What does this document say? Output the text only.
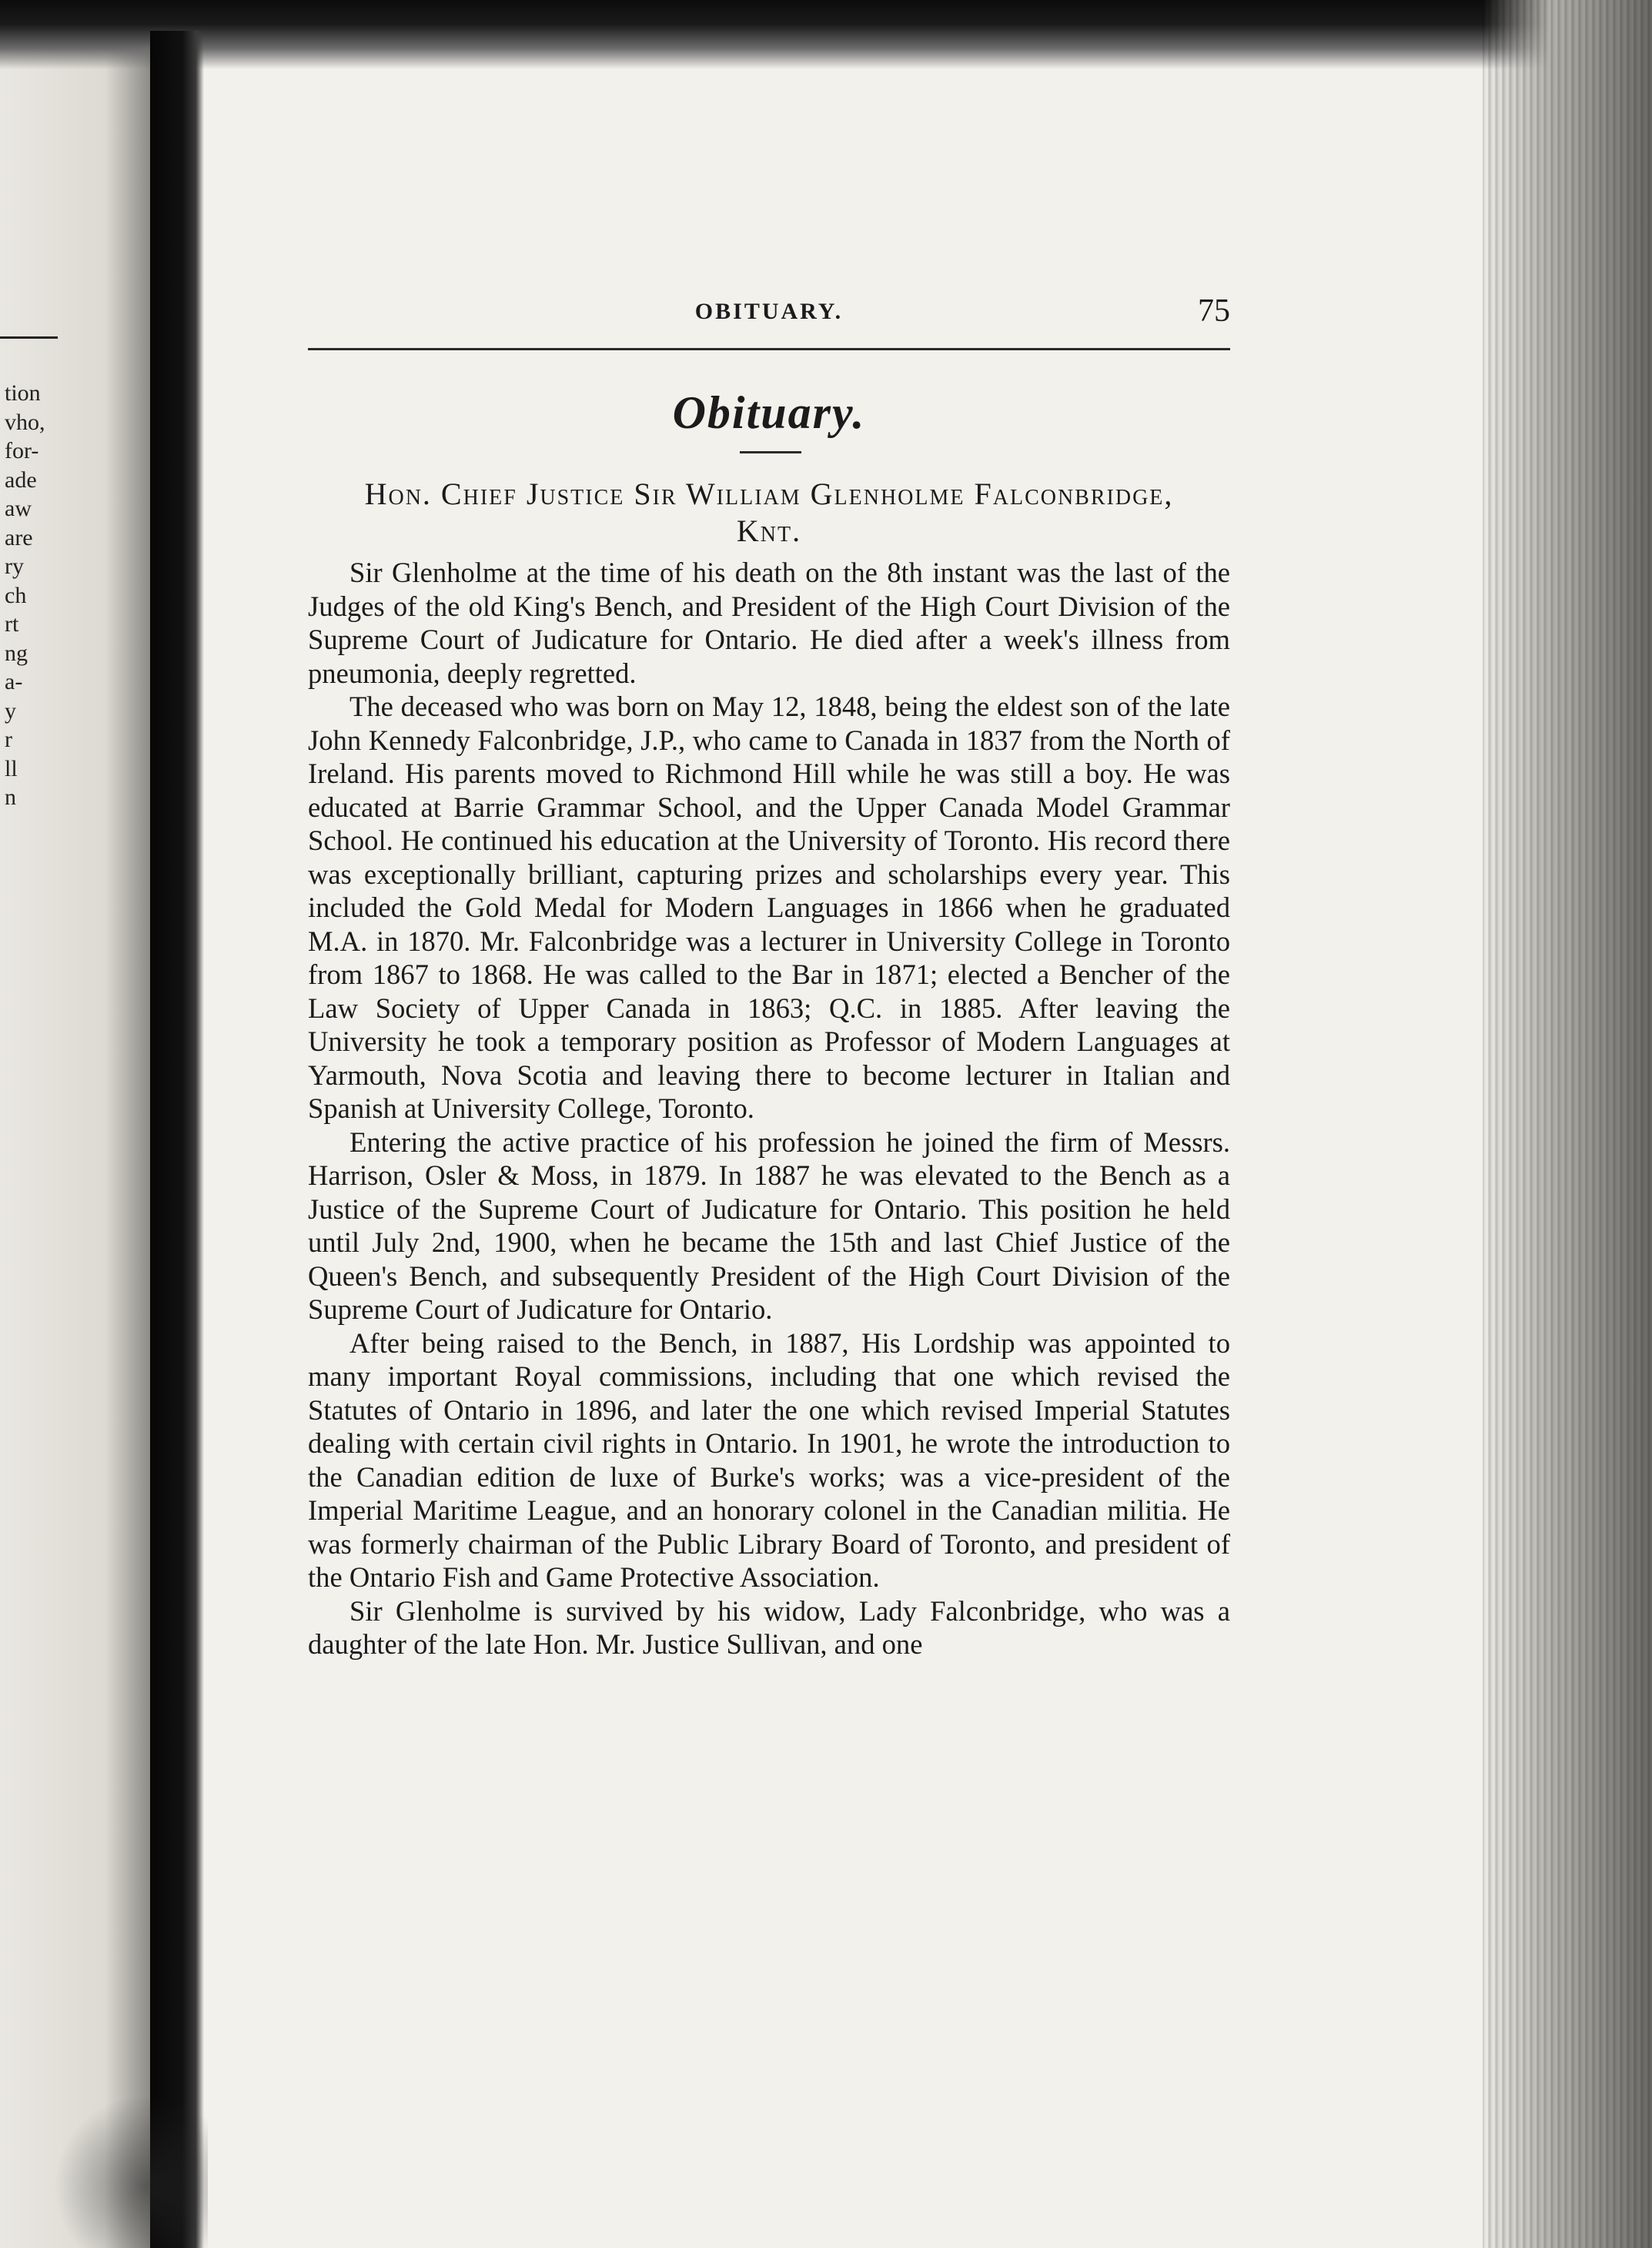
tion
vho,
for-
ade
aw
are
ry
ch
rt
ng
a-
y
r
ll
n
OBITUARY.	75
Obituary.
Hon. Chief Justice Sir William Glenholme Falconbridge,
Knt.

Sir Glenholme at the time of his death on the 8th instant was the last of the Judges of the old King's Bench, and President of the High Court Division of the Supreme Court of Judicature for Ontario. He died after a week's illness from pneumonia, deeply regretted.

The deceased who was born on May 12, 1848, being the eldest son of the late John Kennedy Falconbridge, J.P., who came to Canada in 1837 from the North of Ireland. His parents moved to Richmond Hill while he was still a boy. He was educated at Barrie Grammar School, and the Upper Canada Model Grammar School. He continued his education at the University of Toronto. His record there was exceptionally brilliant, capturing prizes and scholarships every year. This included the Gold Medal for Modern Languages in 1866 when he graduated M.A. in 1870. Mr. Falconbridge was a lecturer in University College in Toronto from 1867 to 1868. He was called to the Bar in 1871; elected a Bencher of the Law Society of Upper Canada in 1863; Q.C. in 1885. After leaving the University he took a temporary position as Professor of Modern Languages at Yarmouth, Nova Scotia and leaving there to become lecturer in Italian and Spanish at University College, Toronto.

Entering the active practice of his profession he joined the firm of Messrs. Harrison, Osler & Moss, in 1879. In 1887 he was elevated to the Bench as a Justice of the Supreme Court of Judicature for Ontario. This position he held until July 2nd, 1900, when he became the 15th and last Chief Justice of the Queen's Bench, and subsequently President of the High Court Division of the Supreme Court of Judicature for Ontario.

After being raised to the Bench, in 1887, His Lordship was appointed to many important Royal commissions, including that one which revised the Statutes of Ontario in 1896, and later the one which revised Imperial Statutes dealing with certain civil rights in Ontario. In 1901, he wrote the introduction to the Canadian edition de luxe of Burke's works; was a vice-president of the Imperial Maritime League, and an honorary colonel in the Canadian militia. He was formerly chairman of the Public Library Board of Toronto, and president of the Ontario Fish and Game Protective Association.

Sir Glenholme is survived by his widow, Lady Falconbridge, who was a daughter of the late Hon. Mr. Justice Sullivan, and one
